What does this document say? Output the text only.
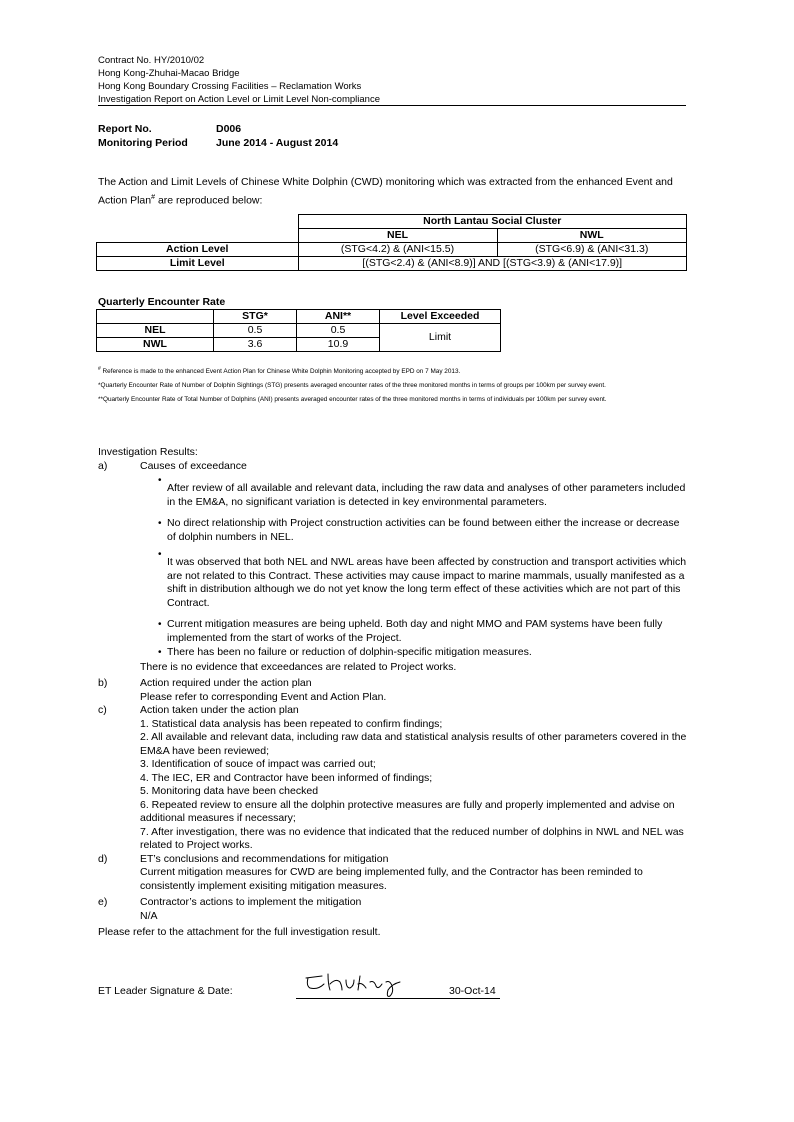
Contract No. HY/2010/02
Hong Kong-Zhuhai-Macao Bridge
Hong Kong Boundary Crossing Facilities – Reclamation Works
Investigation Report on Action Level or Limit Level Non-compliance
Report No.	D006
Monitoring Period	June 2014 - August 2014
The Action and Limit Levels of Chinese White Dolphin (CWD) monitoring which was extracted from the enhanced Event and Action Plan# are reproduced below:
	North Lantau Social Cluster	
	NEL	NWL
Action Level	(STG<4.2) & (ANI<15.5)	(STG<6.9) & (ANI<31.3)
Limit Level	[(STG<2.4) & (ANI<8.9)] AND [(STG<3.9) & (ANI<17.9)]	
Quarterly Encounter Rate
	STG*	ANI**	Level Exceeded
NEL	0.5	0.5	Limit
NWL	3.6	10.9	

# Reference is made to the enhanced Event Action Plan for Chinese White Dolphin Monitoring accepted by EPD on 7 May 2013.

*Quarterly Encounter Rate of Number of Dolphin Sightings (STG) presents averaged encounter rates of the three monitored months in terms of groups per 100km per survey event.

**Quarterly Encounter Rate of Total Number of Dolphins (ANI) presents averaged encounter rates of the three monitored months in terms of individuals per 100km per survey event.

Investigation Results:
a)	Causes of exceedance
•
After review of all available and relevant data, including the raw data and analyses of other parameters included in the EM&A, no significant variation is detected in key environmental parameters.
• No direct relationship with Project construction activities can be found between either the increase or decrease of dolphin numbers in NEL.
•
It was observed that both NEL and NWL areas have been affected by construction and transport activities which are not related to this Contract. These activities may cause impact to marine mammals, usually manifested as a shift in distribution although we do not yet know the long term effect of these activities which are not part of this Contract.
• Current mitigation measures are being upheld. Both day and night MMO and PAM systems have been fully implemented from the start of works of the Project.
• There has been no failure or reduction of dolphin-specific mitigation measures.
There is no evidence that exceedances are related to Project works.
b)	Action required under the action plan
Please refer to corresponding Event and Action Plan.
c)	Action taken under the action plan
1. Statistical data analysis has been repeated to confirm findings;
2. All available and relevant data, including raw data and statistical analysis results of other parameters covered in the EM&A have been reviewed;
3. Identification of souce of impact was carried out;
4. The IEC, ER and Contractor have been informed of findings;
5. Monitoring data have been checked
6. Repeated review to ensure all the dolphin protective measures are fully and properly implemented and advise on additional measures if necessary;
7. After investigation, there was no evidence that indicated that the reduced number of dolphins in NWL and NEL was related to Project works.
d)	ET’s conclusions and recommendations for mitigation
Current mitigation measures for CWD are being implemented fully, and the Contractor has been reminded to consistently implement exisiting mitigation measures.
e)	Contractor’s actions to implement the mitigation
N/A
Please refer to the attachment for the full investigation result.
ET Leader Signature & Date:	30-Oct-14
